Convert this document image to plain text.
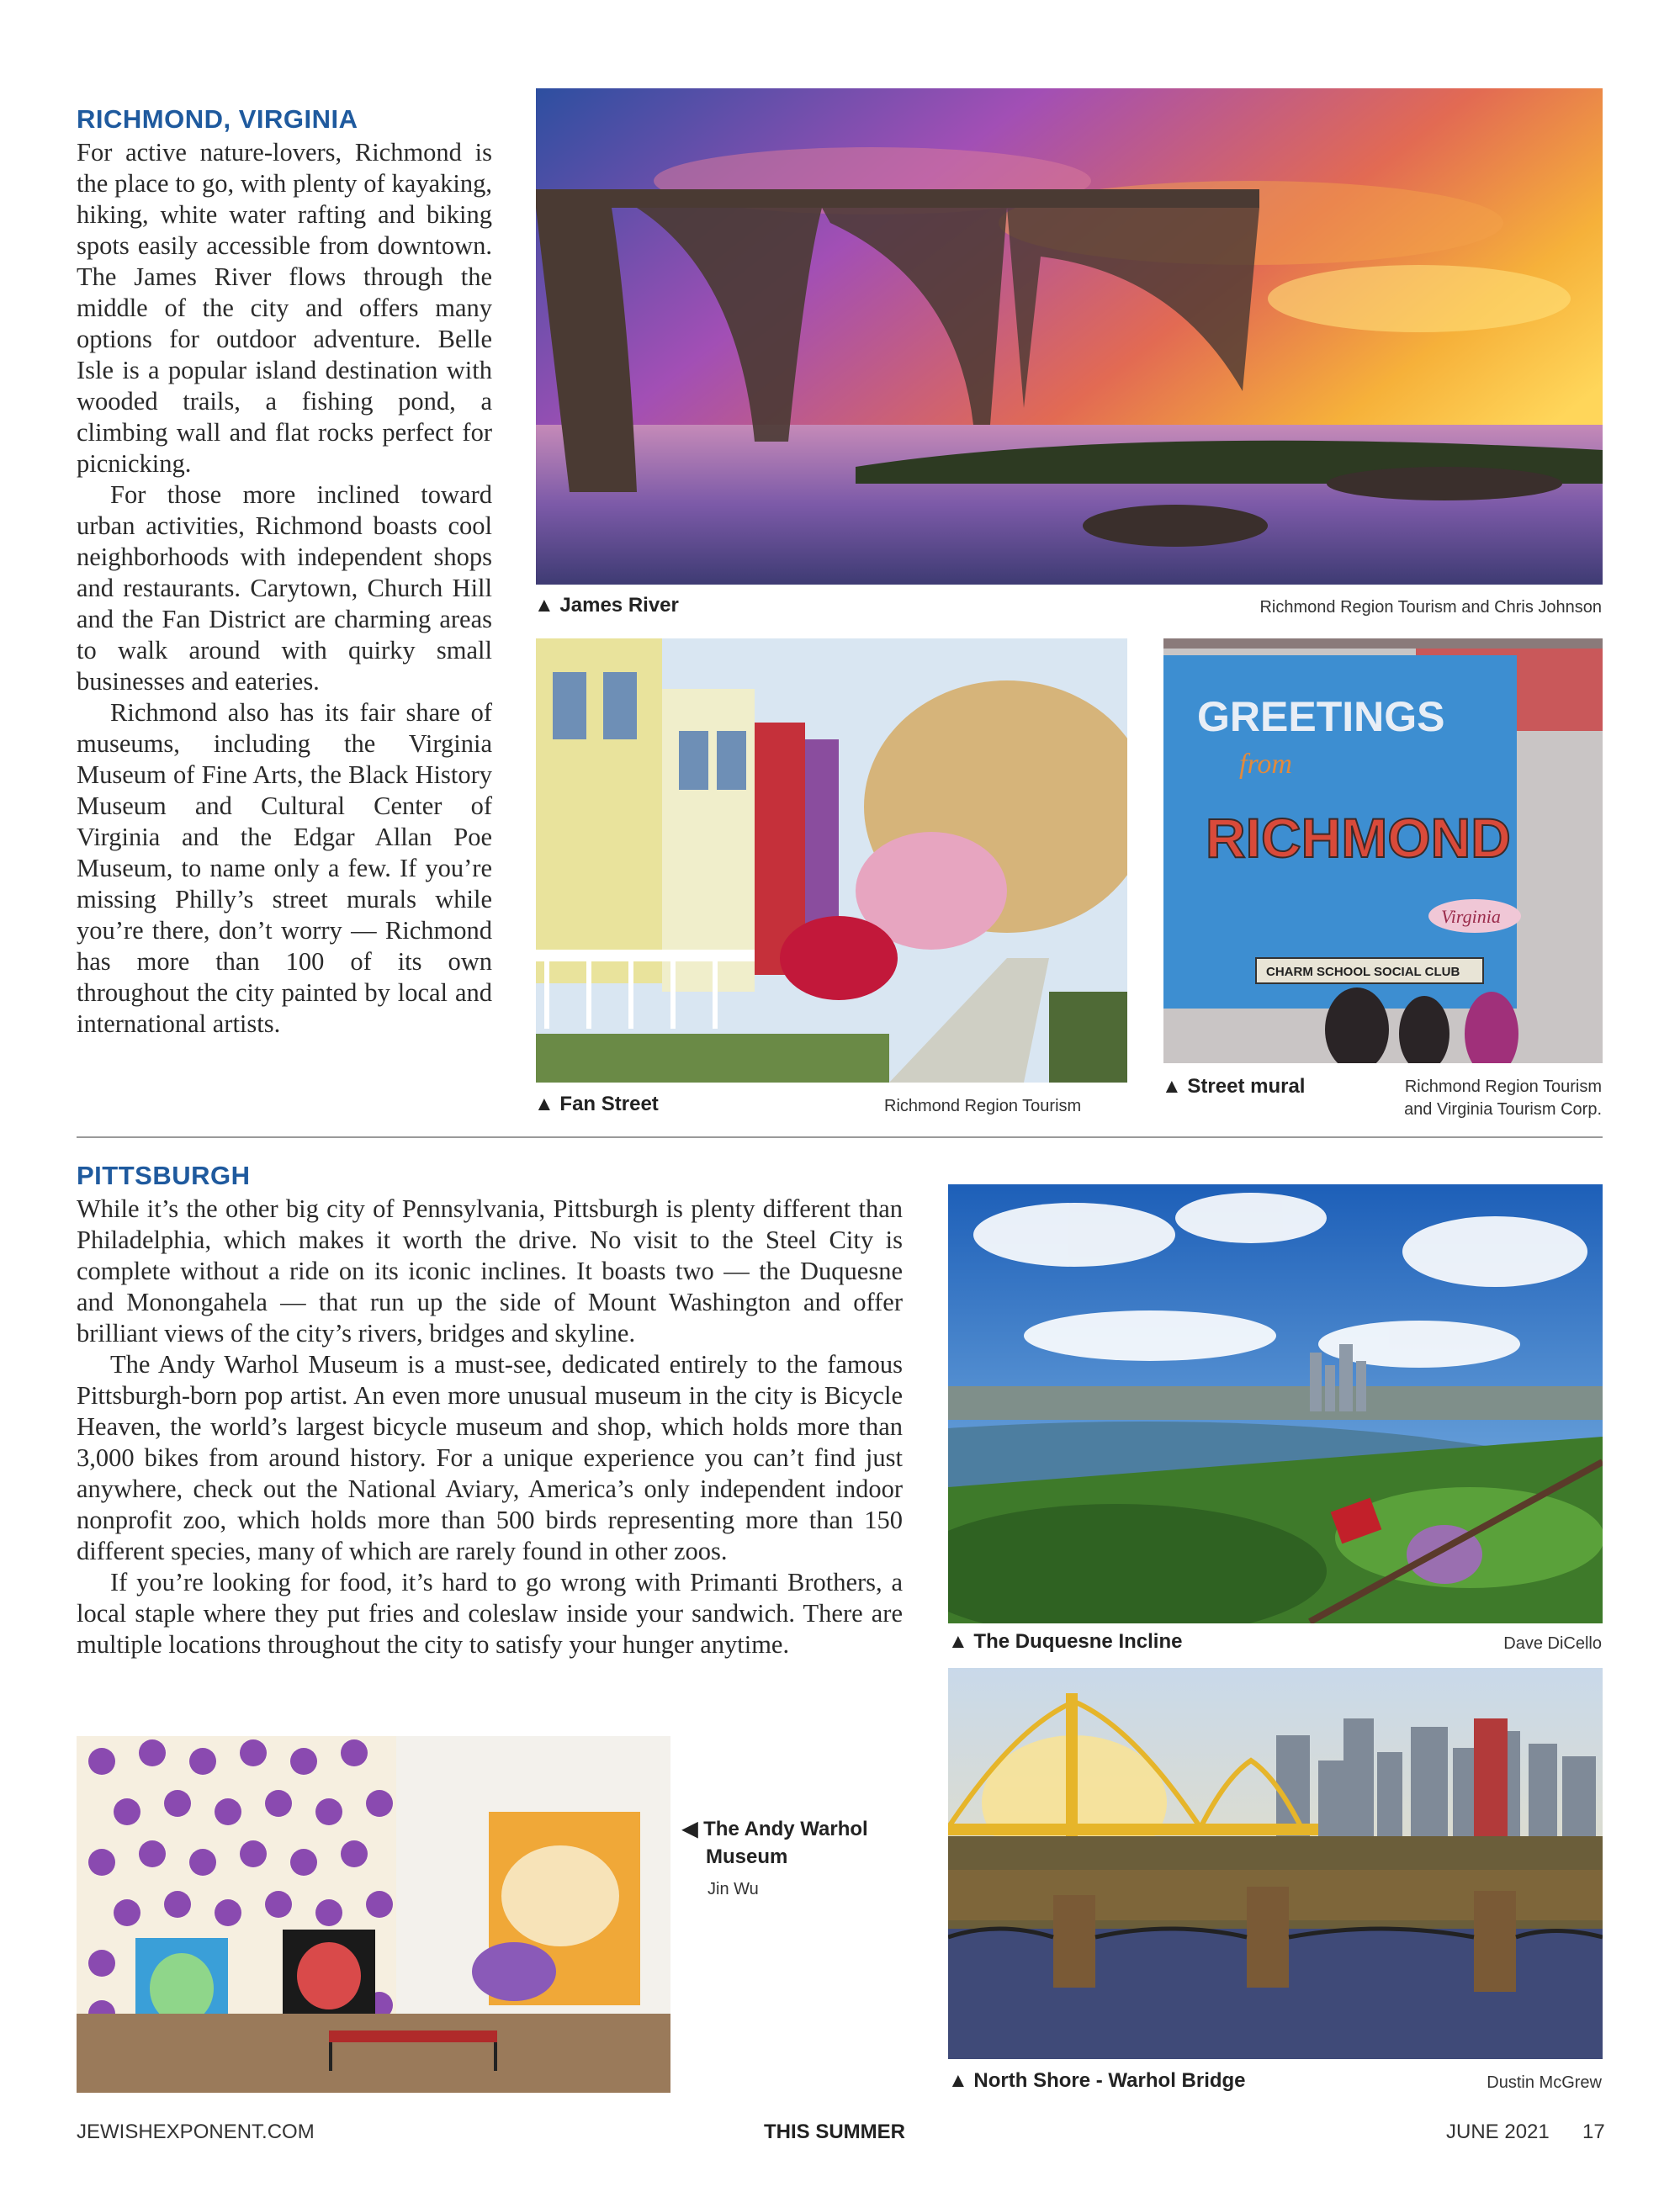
RICHMOND, VIRGINIA

For active nature-lovers, Richmond is the place to go, with plenty of kayaking, hiking, white water rafting and biking spots easily accessible from downtown. The James River flows through the middle of the city and offers many options for outdoor adventure. Belle Isle is a popular island destination with wooded trails, a fishing pond, a climbing wall and flat rocks perfect for picnicking.

For those more inclined toward urban activities, Richmond boasts cool neighborhoods with independent shops and restaurants. Carytown, Church Hill and the Fan District are charming areas to walk around with quirky small businesses and eateries.

Richmond also has its fair share of museums, including the Virginia Museum of Fine Arts, the Black History Museum and Cultural Center of Virginia and the Edgar Allan Poe Museum, to name only a few. If you’re missing Philly’s street murals while you’re there, don’t worry — Richmond has more than 100 of its own throughout the city painted by local and international artists.

▲ James River	Richmond Region Tourism and Chris Johnson
▲ Fan Street	Richmond Region Tourism
GREETINGS
from
RICHMOND
Virginia
CHARM SCHOOL SOCIAL CLUB
▲ Street mural	Richmond Region Tourism
and Virginia Tourism Corp.
PITTSBURGH

While it’s the other big city of Pennsylvania, Pittsburgh is plenty different than Philadelphia, which makes it worth the drive. No visit to the Steel City is complete without a ride on its iconic inclines. It boasts two — the Duquesne and Monongahela — that run up the side of Mount Washington and offer brilliant views of the city’s rivers, bridges and skyline.

The Andy Warhol Museum is a must-see, dedicated entirely to the famous Pittsburgh-born pop artist. An even more unusual museum in the city is Bicycle Heaven, the world’s largest bicycle museum and shop, which holds more than 3,000 bikes from around history. For a unique experience you can’t find just anywhere, check out the National Aviary, America’s only independent indoor nonprofit zoo, which holds more than 500 birds representing more than 150 different species, many of which are rarely found in other zoos.

If you’re looking for food, it’s hard to go wrong with Primanti Brothers, a local staple where they put fries and coleslaw inside your sandwich. There are multiple locations throughout the city to satisfy your hunger anytime.	▲ The Duquesne Incline	Dave DiCello
◀ The Andy Warhol
Museum
Jin Wu
▲ North Shore - Warhol Bridge	Dustin McGrew
JEWISHEXPONENT.COM	THIS SUMMER	JUNE 2021 17
